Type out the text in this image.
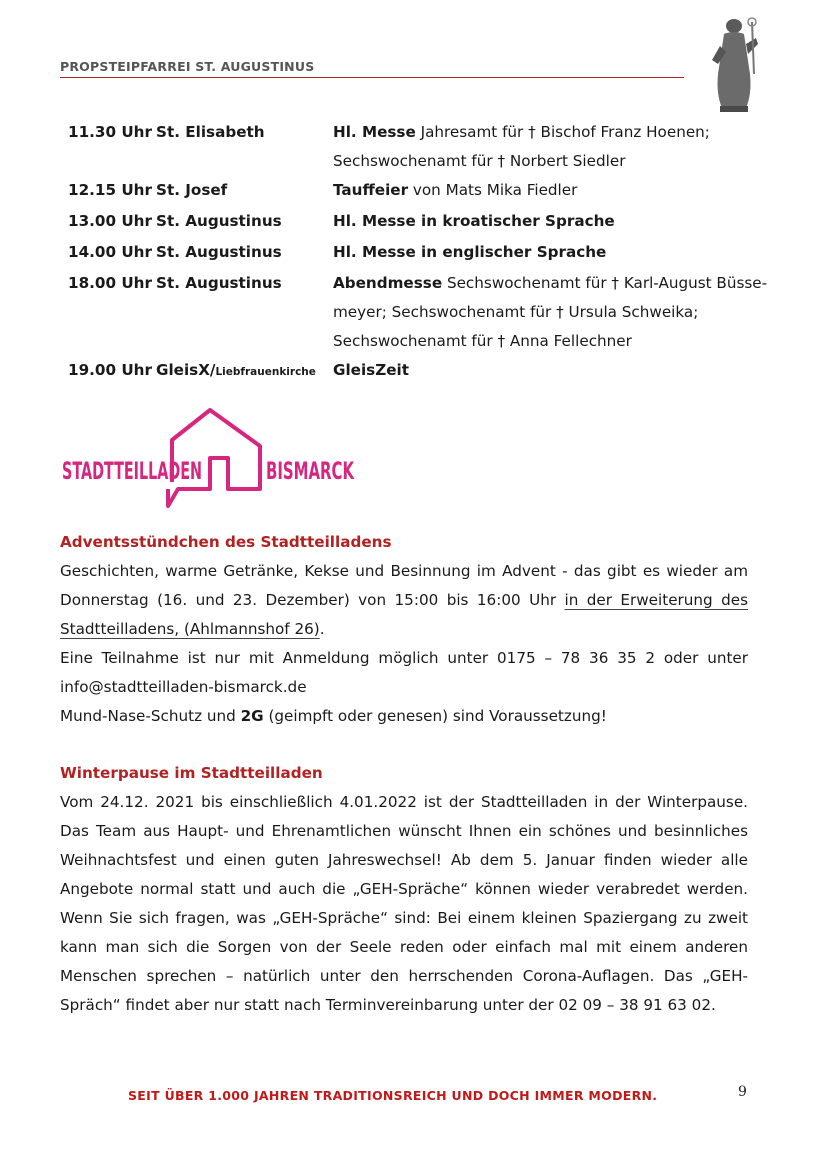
PROPSTEIPFARREI ST. AUGUSTINUS
11.30 Uhr St. Elisabeth	Hl. Messe Jahresamt für † Bischof Franz Hoenen;
Sechswochenamt für † Norbert Siedler
12.15 Uhr St. Josef	Tauffeier von Mats Mika Fiedler
13.00 Uhr St. Augustinus	Hl. Messe in kroatischer Sprache
14.00 Uhr St. Augustinus	Hl. Messe in englischer Sprache
18.00 Uhr St. Augustinus	Abendmesse Sechswochenamt für † Karl-August Büsse-
meyer; Sechswochenamt für † Ursula Schweika;
Sechswochenamt für † Anna Fellechner
19.00 Uhr GleisX/Liebfrauenkirche	GleisZeit
STADTTEILLADEN	BISMARCK
Adventsstündchen des Stadtteilladens

Geschichten, warme Getränke, Kekse und Besinnung im Advent - das gibt es wieder am Donnerstag (16. und 23. Dezember) von 15:00 bis 16:00 Uhr in der Erweiterung des Stadtteilladens, (Ahlmannshof 26).

Eine Teilnahme ist nur mit Anmeldung möglich unter 0175 – 78 36 35 2 oder unter info@stadtteilladen-bismarck.de

Mund-Nase-Schutz und 2G (geimpft oder genesen) sind Voraussetzung!

Winterpause im Stadtteilladen

Vom 24.12. 2021 bis einschließlich 4.01.2022 ist der Stadtteilladen in der Winterpause. Das Team aus Haupt- und Ehrenamtlichen wünscht Ihnen ein schönes und besinnliches Weihnachtsfest und einen guten Jahreswechsel! Ab dem 5. Januar finden wieder alle Angebote normal statt und auch die „GEH-Spräche“ können wieder verabredet werden. Wenn Sie sich fragen, was „GEH-Spräche“ sind: Bei einem kleinen Spaziergang zu zweit kann man sich die Sorgen von der Seele reden oder einfach mal mit einem anderen Menschen sprechen – natürlich unter den herrschenden Corona-Auflagen. Das „GEH-Spräch“ findet aber nur statt nach Terminvereinbarung unter der 02 09 – 38 91 63 02.

SEIT ÜBER 1.000 JAHREN TRADITIONSREICH UND DOCH IMMER MODERN.	9
